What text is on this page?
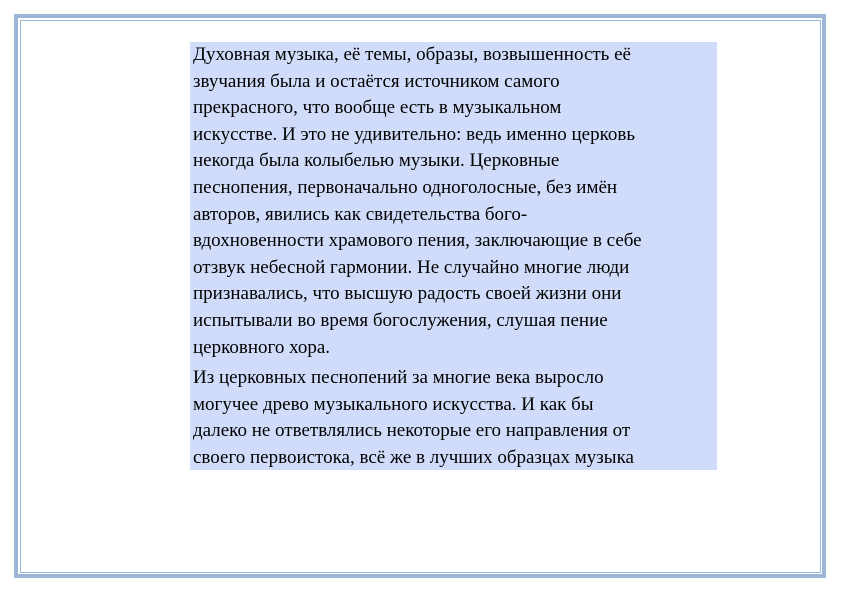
Духовная музыка, её темы, образы, возвышенность её
звучания была и остаётся источником самого
прекрасного, что вообще есть в музыкальном
искусстве. И это не удивительно: ведь именно церковь
некогда была колыбелью музыки. Церковные
песнопения, первоначально одноголосные, без имён
авторов, явились как свидетельства бого-
вдохновенности храмового пения, заключающие в себе
отзвук небесной гармонии. Не случайно многие люди
признавались, что высшую радость своей жизни они
испытывали во время богослужения, слушая пение
церковного хора.

Из церковных песнопений за многие века выросло
могучее древо музыкального искусства. И как бы
далеко не ответвлялись некоторые его направления от
своего первоистока, всё же в лучших образцах музыка
